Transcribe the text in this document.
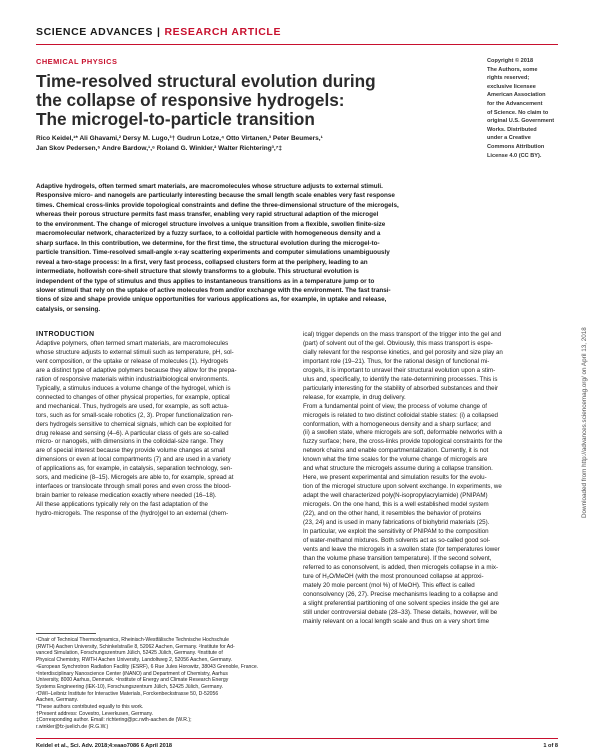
SCIENCE ADVANCES | RESEARCH ARTICLE
CHEMICAL PHYSICS
Time-resolved structural evolution during
the collapse of responsive hydrogels:
The microgel-to-particle transition
Rico Keidel,¹* Ali Ghavami,² Dersy M. Lugo,³† Gudrun Lotze,⁴ Otto Virtanen,³ Peter Beumers,¹
Jan Skov Pedersen,⁵ Andre Bardow,¹,⁶ Roland G. Winkler,² Walter Richtering³,⁷‡
Copyright © 2018
The Authors, some
rights reserved;
exclusive licensee
American Association
for the Advancement
of Science. No claim to
original U.S. Government
Works. Distributed
under a Creative
Commons Attribution
License 4.0 (CC BY).
Adaptive hydrogels, often termed smart materials, are macromolecules whose structure adjusts to external stimuli.
Responsive micro- and nanogels are particularly interesting because the small length scale enables very fast response
times. Chemical cross-links provide topological constraints and define the three-dimensional structure of the microgels,
whereas their porous structure permits fast mass transfer, enabling very rapid structural adaption of the microgel
to the environment. The change of microgel structure involves a unique transition from a flexible, swollen finite-size
macromolecular network, characterized by a fuzzy surface, to a colloidal particle with homogeneous density and a
sharp surface. In this contribution, we determine, for the first time, the structural evolution during the microgel-to-
particle transition. Time-resolved small-angle x-ray scattering experiments and computer simulations unambiguously
reveal a two-stage process: In a first, very fast process, collapsed clusters form at the periphery, leading to an
intermediate, hollowish core-shell structure that slowly transforms to a globule. This structural evolution is
independent of the type of stimulus and thus applies to instantaneous transitions as in a temperature jump or to
slower stimuli that rely on the uptake of active molecules from and/or exchange with the environment. The fast transi-
tions of size and shape provide unique opportunities for various applications as, for example, in uptake and release,
catalysis, or sensing.
INTRODUCTION
Adaptive polymers, often termed smart materials, are macromolecules
whose structure adjusts to external stimuli such as temperature, pH, sol-
vent composition, or the uptake or release of molecules (1). Hydrogels
are a distinct type of adaptive polymers because they allow for the prepa-
ration of responsive materials within industrial/biological environments.
Typically, a stimulus induces a volume change of the hydrogel, which is
connected to changes of other physical properties, for example, optical
and mechanical. Thus, hydrogels are used, for example, as soft actua-
tors, such as for small-scale robotics (2, 3). Proper functionalization ren-
ders hydrogels sensitive to chemical signals, which can be exploited for
drug release and sensing (4–6). A particular class of gels are so-called
micro- or nanogels, with dimensions in the colloidal-size range. They
are of special interest because they provide volume changes at small
dimensions or even at local compartments (7) and are used in a variety
of applications as, for example, in catalysis, separation technology, sen-
sors, and medicine (8–15). Microgels are able to, for example, spread at
interfaces or translocate through small pores and even cross the blood-
brain barrier to release medication exactly where needed (16–18).
All these applications typically rely on the fast adaptation of the
hydro-microgels. The response of the (hydro)gel to an external (chem-
ical) trigger depends on the mass transport of the trigger into the gel and
(part) of solvent out of the gel. Obviously, this mass transport is espe-
cially relevant for the response kinetics, and gel porosity and size play an
important role (19–21). Thus, for the rational design of functional mi-
crogels, it is important to unravel their structural evolution upon a stim-
ulus and, specifically, to identify the rate-determining processes. This is
particularly interesting for the stability of absorbed substances and their
release, for example, in drug delivery.
From a fundamental point of view, the process of volume change of
microgels is related to two distinct colloidal stable states: (i) a collapsed
conformation, with a homogeneous density and a sharp surface; and
(ii) a swollen state, where microgels are soft, deformable networks with a
fuzzy surface; here, the cross-links provide topological constraints for the
network chains and enable compartmentalization. Currently, it is not
known what the time scales for the volume change of microgels are
and what structure the microgels assume during a collapse transition.
Here, we present experimental and simulation results for the evolu-
tion of the microgel structure upon solvent exchange. In experiments, we
adapt the well characterized poly(N-isopropylacrylamide) (PNIPAM)
microgels. On the one hand, this is a well established model system
(22), and on the other hand, it resembles the behavior of proteins
(23, 24) and is used in many fabrications of biohybrid materials (25).
In particular, we exploit the sensitivity of PNIPAM to the composition
of water-methanol mixtures. Both solvents act as so-called good sol-
vents and leave the microgels in a swollen state (for temperatures lower
than the volume phase transition temperature). If the second solvent,
referred to as cononsolvent, is added, then microgels collapse in a mix-
ture of H₂O/MeOH (with the most pronounced collapse at approxi-
mately 20 mole percent (mol %) of MeOH). This effect is called
cononsolvency (26, 27). Precise mechanisms leading to a collapse and
a slight preferential partitioning of one solvent species inside the gel are
still under controversial debate (28–33). These details, however, will be
mainly relevant on a local length scale and thus on a very short time
¹Chair of Technical Thermodynamics, Rheinisch-Westfälische Technische Hochschule
(RWTH) Aachen University, Schinkelstraße 8, 52062 Aachen, Germany. ²Institute for Ad-
vanced Simulation, Forschungszentrum Jülich, 52425 Jülich, Germany. ³Institute of
Physical Chemistry, RWTH Aachen University, Landoltweg 2, 52056 Aachen, Germany.
⁴European Synchrotron Radiation Facility (ESRF), 6 Rue Jules Horowitz, 38043 Grenoble, France.
⁵Interdisciplinary Nanoscience Center (iNANO) and Department of Chemistry, Aarhus
University, 8000 Aarhus, Denmark. ⁶Institute of Energy and Climate Research Energy
Systems Engineering (IEK-10), Forschungszentrum Jülich, 52425 Jülich, Germany.
⁷DWI–Leibniz Institute for Interactive Materials, Forckenbeckstrasse 50, D-52056
Aachen, Germany.
*These authors contributed equally to this work.
†Present address: Covestro, Leverkusen, Germany.
‡Corresponding author. Email: richtering@pc.rwth-aachen.de (W.R.);
r.winkler@fz-juelich.de (R.G.W.)
Keidel et al., Sci. Adv. 2018;4:eaao7086 6 April 2018	1 of 8
Downloaded from http://advances.sciencemag.org/ on April 13, 2018
